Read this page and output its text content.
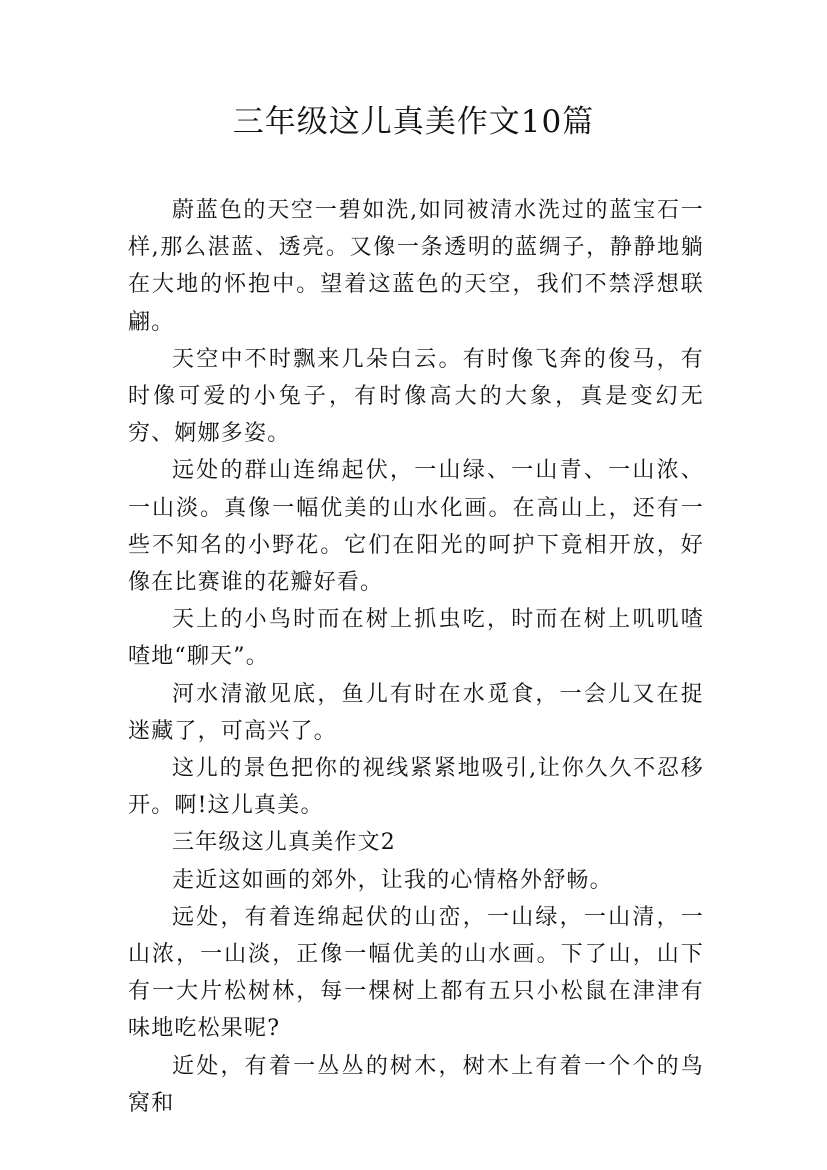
三年级这儿真美作文10篇

蔚蓝色的天空一碧如洗,如同被清水洗过的蓝宝石一样,那么湛蓝、透亮。又像一条透明的蓝绸子，静静地躺在大地的怀抱中。望着这蓝色的天空，我们不禁浮想联翩。

天空中不时飘来几朵白云。有时像飞奔的俊马，有时像可爱的小兔子，有时像高大的大象，真是变幻无穷、婀娜多姿。

远处的群山连绵起伏，一山绿、一山青、一山浓、一山淡。真像一幅优美的山水化画。在高山上，还有一些不知名的小野花。它们在阳光的呵护下竟相开放，好像在比赛谁的花瓣好看。

天上的小鸟时而在树上抓虫吃，时而在树上叽叽喳喳地“聊天”。

河水清澈见底，鱼儿有时在水觅食，一会儿又在捉迷藏了，可高兴了。

这儿的景色把你的视线紧紧地吸引,让你久久不忍移开。啊!这儿真美。

三年级这儿真美作文2

走近这如画的郊外，让我的心情格外舒畅。

远处，有着连绵起伏的山峦，一山绿，一山清，一山浓，一山淡，正像一幅优美的山水画。下了山，山下有一大片松树林，每一棵树上都有五只小松鼠在津津有味地吃松果呢?

近处，有着一丛丛的树木，树木上有着一个个的鸟窝和
